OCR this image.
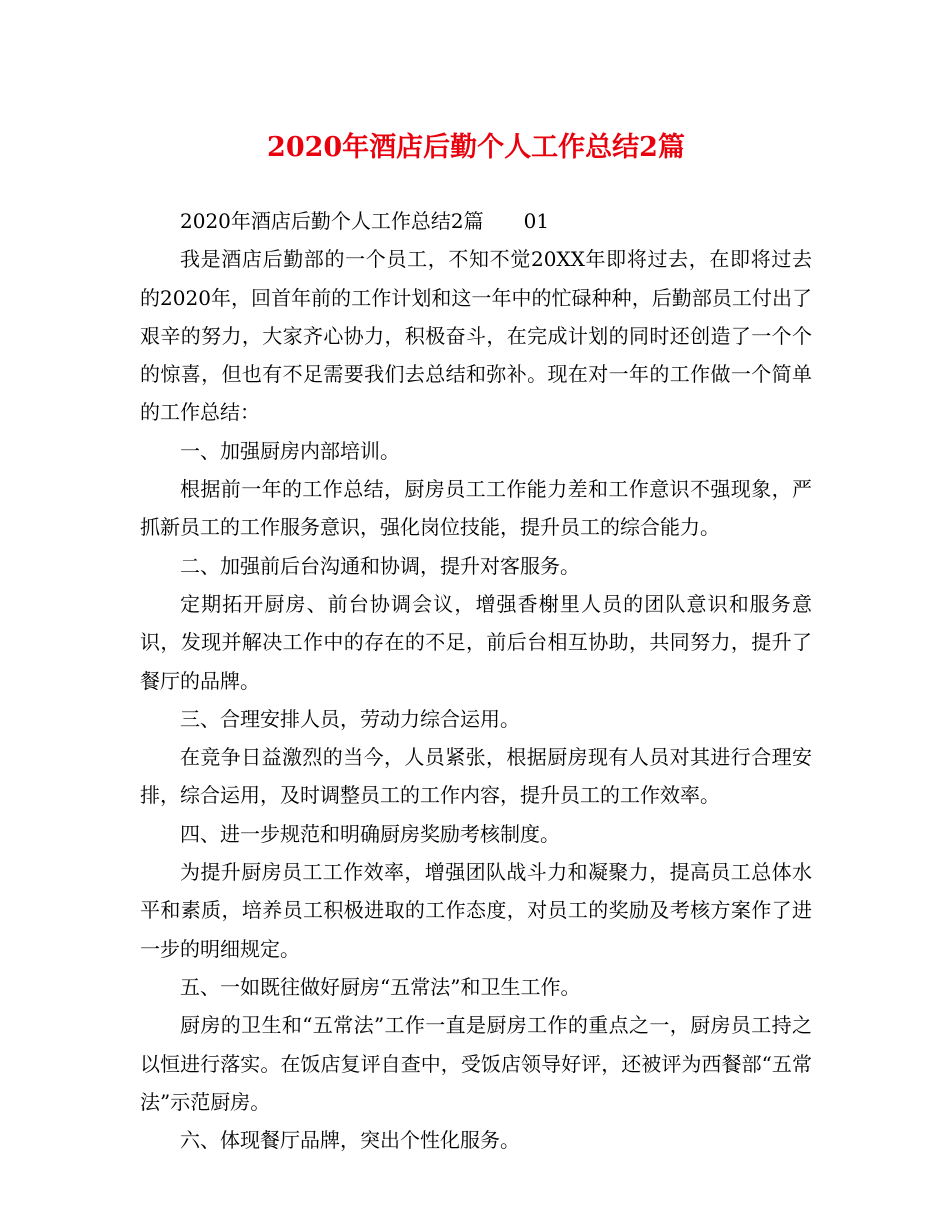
2020年酒店后勤个人工作总结2篇

2020年酒店后勤个人工作总结2篇　　01

我是酒店后勤部的一个员工，不知不觉20XX年即将过去，在即将过去的2020年，回首年前的工作计划和这一年中的忙碌种种，后勤部员工付出了艰辛的努力，大家齐心协力，积极奋斗，在完成计划的同时还创造了一个个的惊喜，但也有不足需要我们去总结和弥补。现在对一年的工作做一个简单的工作总结：

一、加强厨房内部培训。

根据前一年的工作总结，厨房员工工作能力差和工作意识不强现象，严抓新员工的工作服务意识，强化岗位技能，提升员工的综合能力。

二、加强前后台沟通和协调，提升对客服务。

定期拓开厨房、前台协调会议，增强香榭里人员的团队意识和服务意识，发现并解决工作中的存在的不足，前后台相互协助，共同努力，提升了餐厅的品牌。

三、合理安排人员，劳动力综合运用。

在竞争日益激烈的当今，人员紧张，根据厨房现有人员对其进行合理安排，综合运用，及时调整员工的工作内容，提升员工的工作效率。

四、进一步规范和明确厨房奖励考核制度。

为提升厨房员工工作效率，增强团队战斗力和凝聚力，提高员工总体水平和素质，培养员工积极进取的工作态度，对员工的奖励及考核方案作了进一步的明细规定。

五、一如既往做好厨房“五常法”和卫生工作。

厨房的卫生和“五常法”工作一直是厨房工作的重点之一，厨房员工持之以恒进行落实。在饭店复评自查中，受饭店领导好评，还被评为西餐部“五常法”示范厨房。

六、体现餐厅品牌，突出个性化服务。
